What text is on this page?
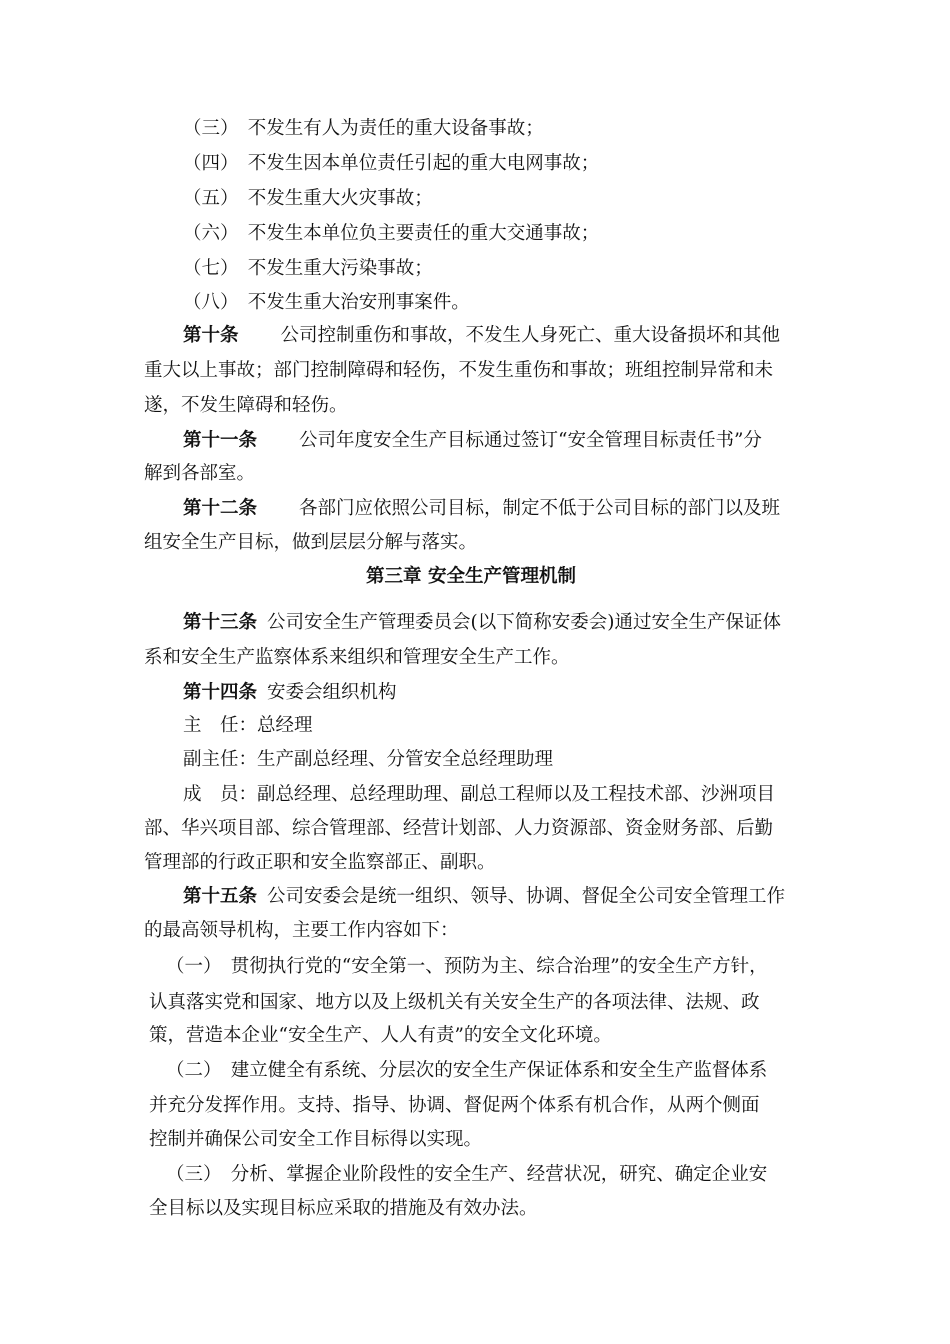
（三）　不发生有人为责任的重大设备事故；
（四）　不发生因本单位责任引起的重大电网事故；
（五）　不发生重大火灾事故；
（六）　不发生本单位负主要责任的重大交通事故；
（七）　不发生重大污染事故；
（八）　不发生重大治安刑事案件。
第十条 公司控制重伤和事故，不发生人身死亡、重大设备损坏和其他
重大以上事故；部门控制障碍和轻伤，不发生重伤和事故；班组控制异常和未
遂，不发生障碍和轻伤。
第十一条 公司年度安全生产目标通过签订“安全管理目标责任书”分
解到各部室。
第十二条 各部门应依照公司目标，制定不低于公司目标的部门以及班
组安全生产目标，做到层层分解与落实。
第三章 安全生产管理机制
第十三条 公司安全生产管理委员会(以下简称安委会)通过安全生产保证体
系和安全生产监察体系来组织和管理安全生产工作。
第十四条 安委会组织机构
主　任：总经理
副主任：生产副总经理、分管安全总经理助理
成　员：副总经理、总经理助理、副总工程师以及工程技术部、沙洲项目
部、华兴项目部、综合管理部、经营计划部、人力资源部、资金财务部、后勤
管理部的行政正职和安全监察部正、副职。
第十五条 公司安委会是统一组织、领导、协调、督促全公司安全管理工作
的最高领导机构，主要工作内容如下：
（一）　贯彻执行党的“安全第一、预防为主、综合治理”的安全生产方针，
认真落实党和国家、地方以及上级机关有关安全生产的各项法律、法规、政
策，营造本企业“安全生产、人人有责”的安全文化环境。
（二）　建立健全有系统、分层次的安全生产保证体系和安全生产监督体系
并充分发挥作用。支持、指导、协调、督促两个体系有机合作，从两个侧面
控制并确保公司安全工作目标得以实现。
（三）　分析、掌握企业阶段性的安全生产、经营状况，研究、确定企业安
全目标以及实现目标应采取的措施及有效办法。
